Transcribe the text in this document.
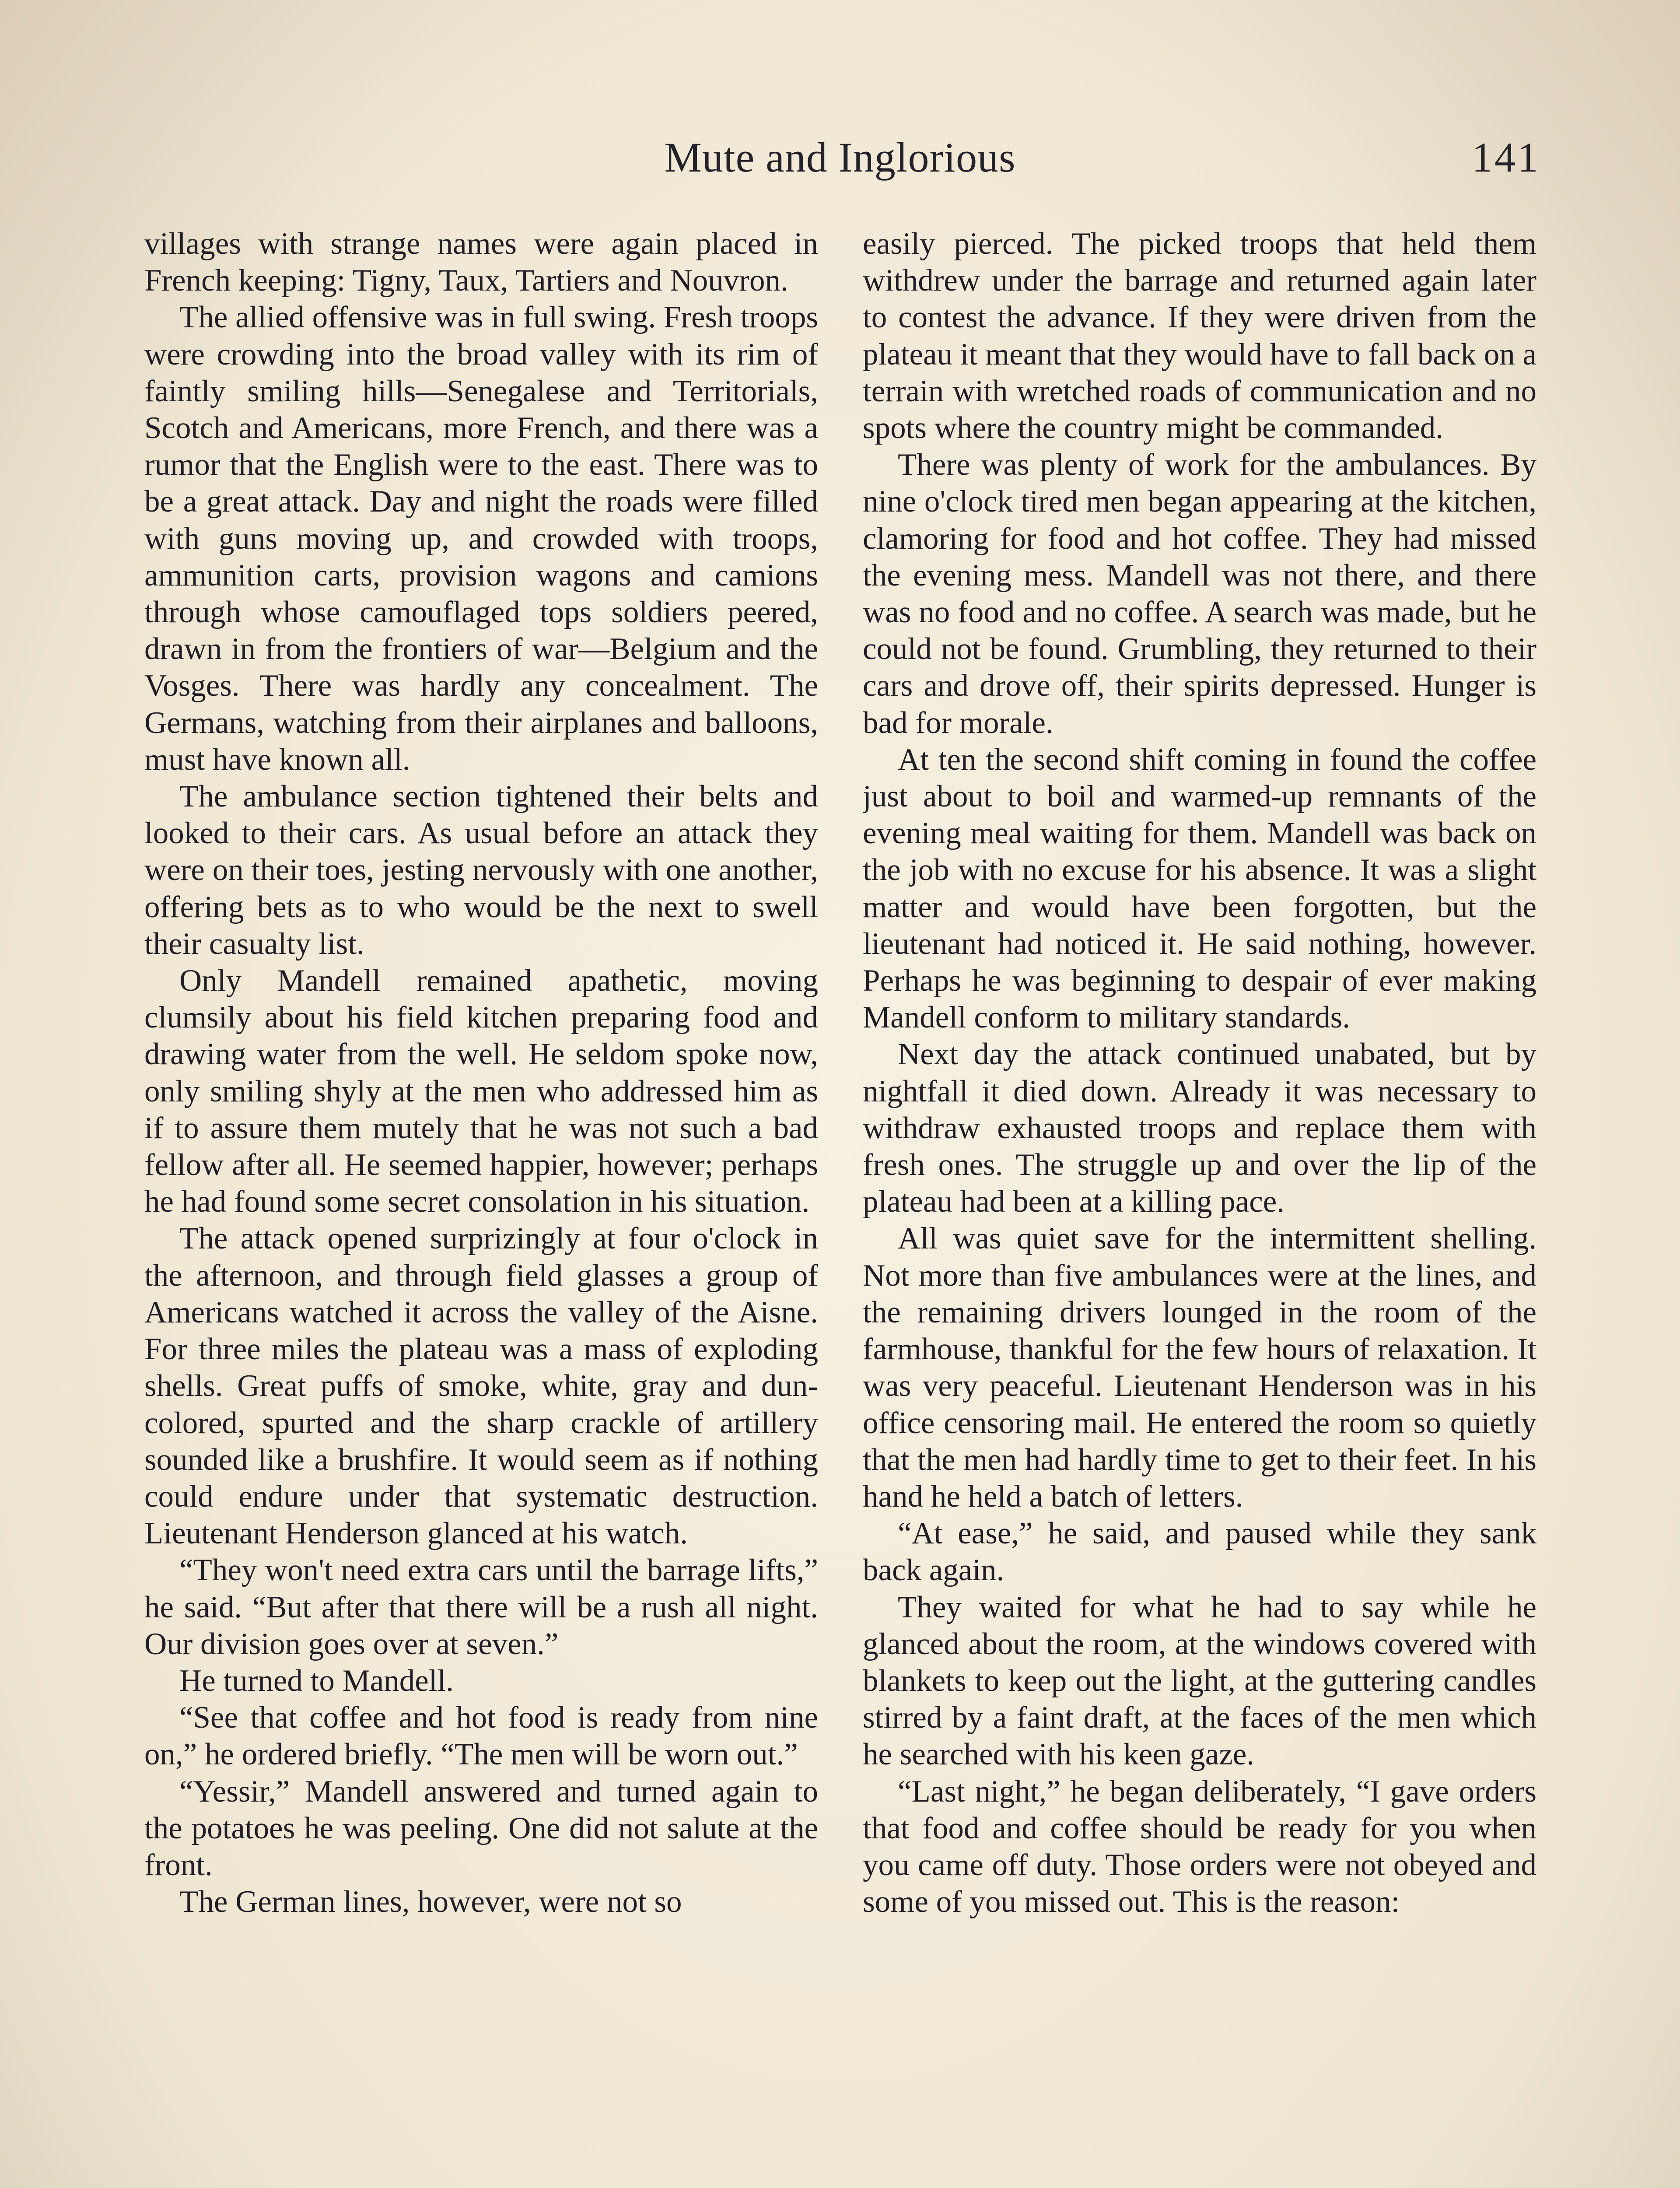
Mute and Inglorious	141

villages with strange names were again placed in French keeping: Tigny, Taux, Tartiers and Nouvron.

The allied offensive was in full swing. Fresh troops were crowding into the broad valley with its rim of faintly smiling hills—Senegalese and Territorials, Scotch and Americans, more French, and there was a rumor that the English were to the east. There was to be a great attack. Day and night the roads were filled with guns moving up, and crowded with troops, ammunition carts, provision wagons and camions through whose camouflaged tops soldiers peered, drawn in from the frontiers of war—Belgium and the Vosges. There was hardly any concealment. The Germans, watching from their airplanes and balloons, must have known all.

The ambulance section tightened their belts and looked to their cars. As usual before an attack they were on their toes, jesting nervously with one another, offering bets as to who would be the next to swell their casualty list.

Only Mandell remained apathetic, moving clumsily about his field kitchen preparing food and drawing water from the well. He seldom spoke now, only smiling shyly at the men who addressed him as if to assure them mutely that he was not such a bad fellow after all. He seemed happier, however; perhaps he had found some secret consolation in his situation.

The attack opened surprizingly at four o'clock in the afternoon, and through field glasses a group of Americans watched it across the valley of the Aisne. For three miles the plateau was a mass of exploding shells. Great puffs of smoke, white, gray and dun-colored, spurted and the sharp crackle of artillery sounded like a brushfire. It would seem as if nothing could endure under that systematic destruction. Lieutenant Henderson glanced at his watch.

“They won't need extra cars until the barrage lifts,” he said. “But after that there will be a rush all night. Our division goes over at seven.”

He turned to Mandell.

“See that coffee and hot food is ready from nine on,” he ordered briefly. “The men will be worn out.”

“Yessir,” Mandell answered and turned again to the potatoes he was peeling. One did not salute at the front.

The German lines, however, were not so

easily pierced. The picked troops that held them withdrew under the barrage and returned again later to contest the advance. If they were driven from the plateau it meant that they would have to fall back on a terrain with wretched roads of communication and no spots where the country might be commanded.

There was plenty of work for the ambulances. By nine o'clock tired men began appearing at the kitchen, clamoring for food and hot coffee. They had missed the evening mess. Mandell was not there, and there was no food and no coffee. A search was made, but he could not be found. Grumbling, they returned to their cars and drove off, their spirits depressed. Hunger is bad for morale.

At ten the second shift coming in found the coffee just about to boil and warmed-up remnants of the evening meal waiting for them. Mandell was back on the job with no excuse for his absence. It was a slight matter and would have been forgotten, but the lieutenant had noticed it. He said nothing, however. Perhaps he was beginning to despair of ever making Mandell conform to military standards.

Next day the attack continued unabated, but by nightfall it died down. Already it was necessary to withdraw exhausted troops and replace them with fresh ones. The struggle up and over the lip of the plateau had been at a killing pace.

All was quiet save for the intermittent shelling. Not more than five ambulances were at the lines, and the remaining drivers lounged in the room of the farmhouse, thankful for the few hours of relaxation. It was very peaceful. Lieutenant Henderson was in his office censoring mail. He entered the room so quietly that the men had hardly time to get to their feet. In his hand he held a batch of letters.

“At ease,” he said, and paused while they sank back again.

They waited for what he had to say while he glanced about the room, at the windows covered with blankets to keep out the light, at the guttering candles stirred by a faint draft, at the faces of the men which he searched with his keen gaze.

“Last night,” he began deliberately, “I gave orders that food and coffee should be ready for you when you came off duty. Those orders were not obeyed and some of you missed out. This is the reason:
